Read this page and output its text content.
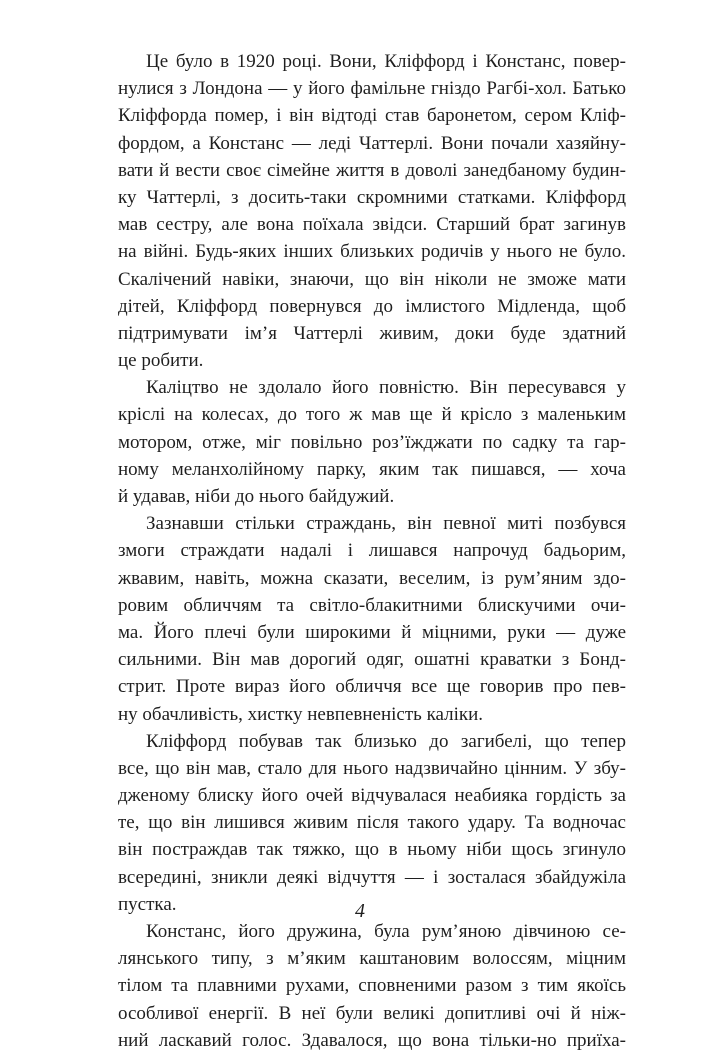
Це було в 1920 році. Вони, Кліффорд і Констанс, повер-
нулися з Лондона — у його фамільне гніздо Рагбі-хол. Батько
Кліффорда помер, і він відтоді став баронетом, сером Кліф-
фордом, а Констанс — леді Чаттерлі. Вони почали хазяйну-
вати й вести своє сімейне життя в доволі занедбаному будин-
ку Чаттерлі, з досить-таки скромними статками. Кліффорд
мав сестру, але вона поїхала звідси. Старший брат загинув
на війні. Будь-яких інших близьких родичів у нього не було.
Скалічений навіки, знаючи, що він ніколи не зможе мати
дітей, Кліффорд повернувся до імлистого Мідленда, щоб
підтримувати ім’я Чаттерлі живим, доки буде здатний
це робити.
Каліцтво не здолало його повністю. Він пересувався у
кріслі на колесах, до того ж мав ще й крісло з маленьким
мотором, отже, міг повільно роз’їжджати по садку та гар-
ному меланхолійному парку, яким так пишався, — хоча
й удавав, ніби до нього байдужий.
Зазнавши стільки страждань, він певної миті позбувся
змоги страждати надалі і лишався напрочуд бадьорим,
жвавим, навіть, можна сказати, веселим, із рум’яним здо-
ровим обличчям та світло-блакитними блискучими очи-
ма. Його плечі були широкими й міцними, руки — дуже
сильними. Він мав дорогий одяг, ошатні краватки з Бонд-
стрит. Проте вираз його обличчя все ще говорив про пев-
ну обачливість, хистку невпевненість каліки.
Кліффорд побував так близько до загибелі, що тепер
все, що він мав, стало для нього надзвичайно цінним. У збу-
дженому блиску його очей відчувалася неабияка гордість за
те, що він лишився живим після такого удару. Та водночас
він постраждав так тяжко, що в ньому ніби щось згинуло
всередині, зникли деякі відчуття — і зосталася збайдужіла
пустка.
Констанс, його дружина, була рум’яною дівчиною се-
лянського типу, з м’яким каштановим волоссям, міцним
тілом та плавними рухами, сповненими разом з тим якоїсь
особливої енергії. В неї були великі допитливі очі й ніж-
ний ласкавий голос. Здавалося, що вона тільки-но приїха-
4
